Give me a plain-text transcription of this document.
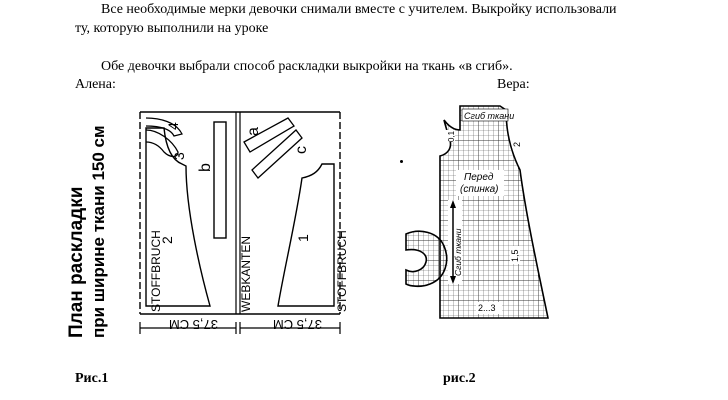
Все необходимые мерки девочки снимали вместе с учителем. Выкройку использовали
ту, которую выполнили на уроке
Обе девочки выбрали способ раскладки выкройки на ткань «в сгиб».
Алена:	Вера:
План раскладки при ширине ткани 150 см	1
2
3
4
a
b
c
STOFFBRUCH	WEBKANTEN	STOFFBRUCH
37,5 CM	37,5 CM
Сгиб ткани
Перед
(спинка)
Сгиб ткани
0,1
2
1,5
2...3
Рис.1	рис.2
